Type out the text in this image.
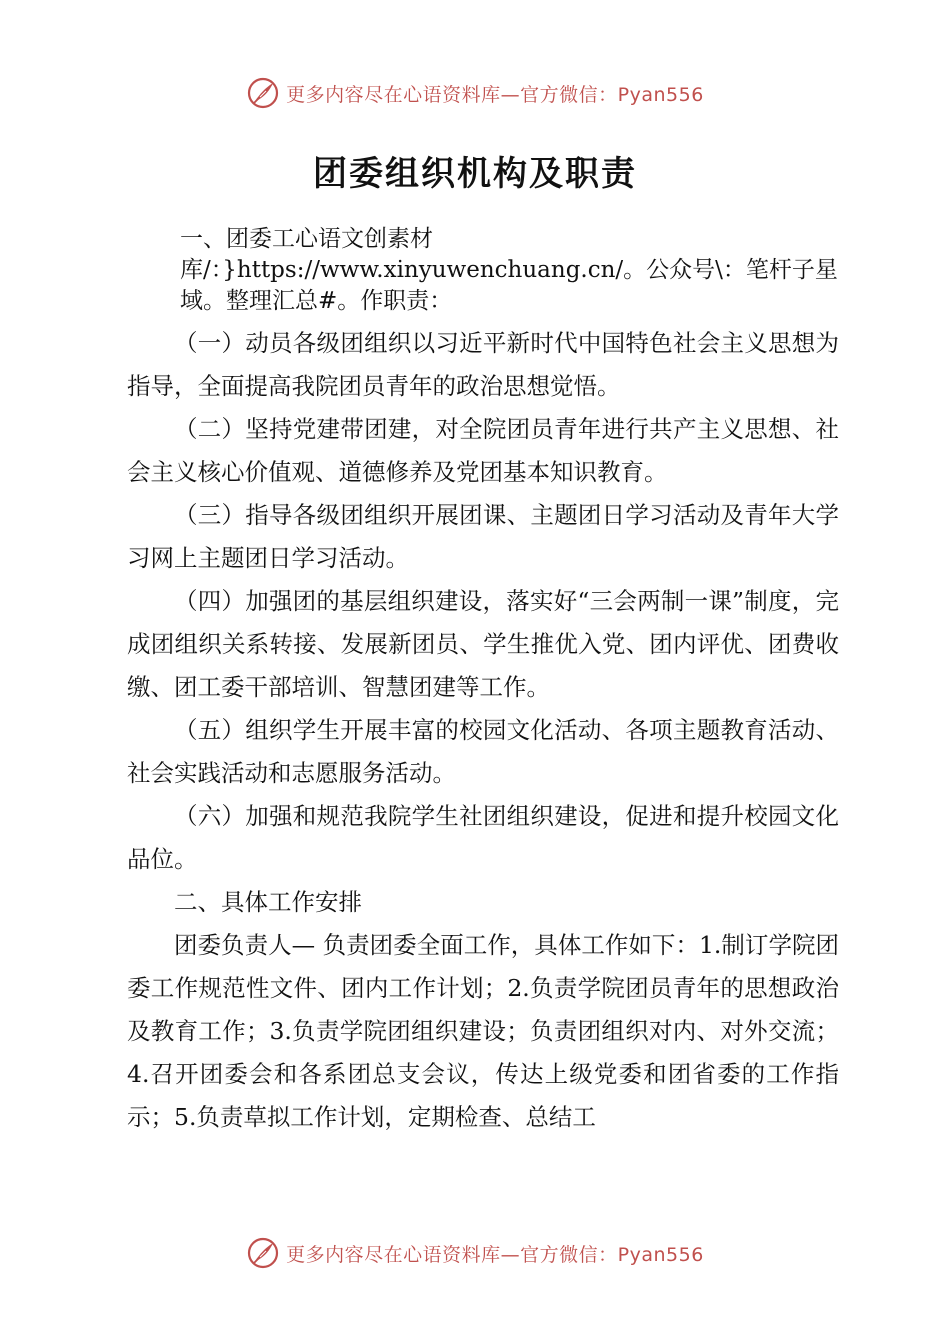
更多内容尽在心语资料库—官方微信：Pyan556
团委组织机构及职责

一、团委工心语文创素材库/：}https://www.xinyuwenchuang.cn/。公众号\：笔杆子星域。整理汇总#。作职责：

（一）动员各级团组织以习近平新时代中国特色社会主义思想为指导，全面提高我院团员青年的政治思想觉悟。

（二）坚持党建带团建，对全院团员青年进行共产主义思想、社会主义核心价值观、道德修养及党团基本知识教育。

（三）指导各级团组织开展团课、主题团日学习活动及青年大学习网上主题团日学习活动。

（四）加强团的基层组织建设，落实好“三会两制一课”制度，完成团组织关系转接、发展新团员、学生推优入党、团内评优、团费收缴、团工委干部培训、智慧团建等工作。

（五）组织学生开展丰富的校园文化活动、各项主题教育活动、社会实践活动和志愿服务活动。

（六）加强和规范我院学生社团组织建设，促进和提升校园文化品位。

二、具体工作安排

团委负责人— 负责团委全面工作，具体工作如下：1.制订学院团委工作规范性文件、团内工作计划；2.负责学院团员青年的思想政治及教育工作；3.负责学院团组织建设；负责团组织对内、对外交流；4.召开团委会和各系团总支会议，传达上级党委和团省委的工作指示；5.负责草拟工作计划，定期检查、总结工

更多内容尽在心语资料库—官方微信：Pyan556
